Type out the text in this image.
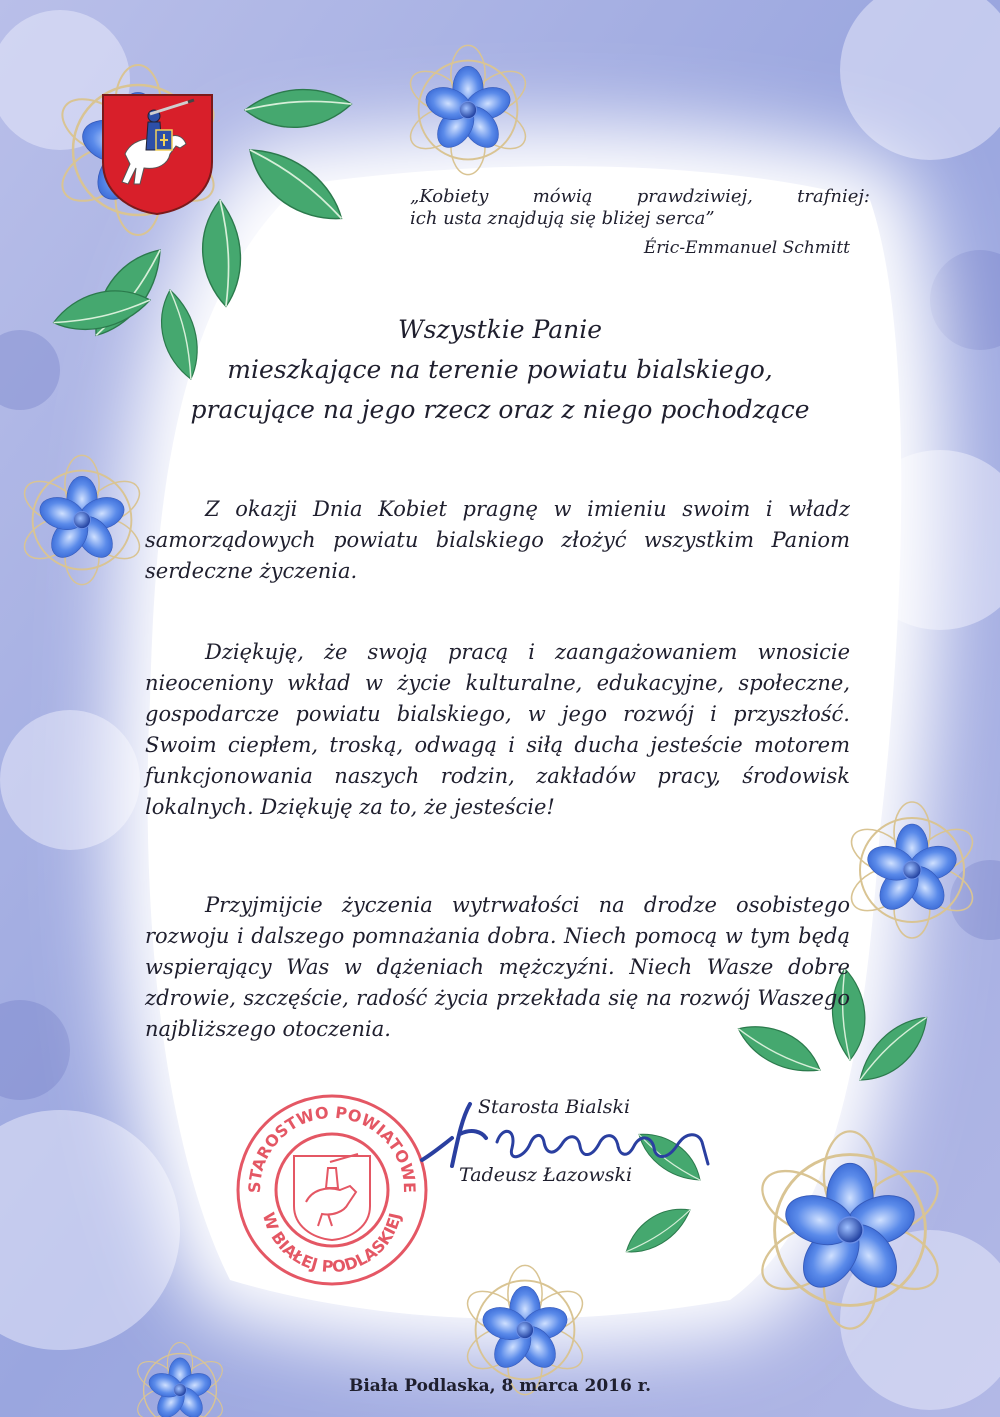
„Kobiety mówią prawdziwiej, trafniej:
ich usta znajdują się bliżej serca”
Éric-Emmanuel Schmitt
Wszystkie Panie
mieszkające na terenie powiatu bialskiego,
pracujące na jego rzecz oraz z niego pochodzące

Z okazji Dnia Kobiet pragnę w imieniu swoim i władz samorządowych powiatu bialskiego złożyć wszystkim Paniom serdeczne życzenia.

Dziękuję, że swoją pracą i zaangażowaniem wnosicie nieoceniony wkład w życie kulturalne, edukacyjne, społeczne, gospodarcze powiatu bialskiego, w jego rozwój i przyszłość. Swoim ciepłem, troską, odwagą i siłą ducha jesteście motorem funkcjonowania naszych rodzin, zakładów pracy, środowisk lokalnych. Dziękuję za to, że jesteście!

Przyjmijcie życzenia wytrwałości na drodze osobistego rozwoju i dalszego pomnażania dobra. Niech pomocą w tym będą wspierający Was w dążeniach mężczyźni. Niech Wasze dobre zdrowie, szczęście, radość życia przekłada się na rozwój Waszego najbliższego otoczenia.

STAROSTWO POWIATOWE
W BIAŁEJ PODLASKIEJ
Starosta Bialski
Tadeusz Łazowski
Biała Podlaska, 8 marca 2016 r.
